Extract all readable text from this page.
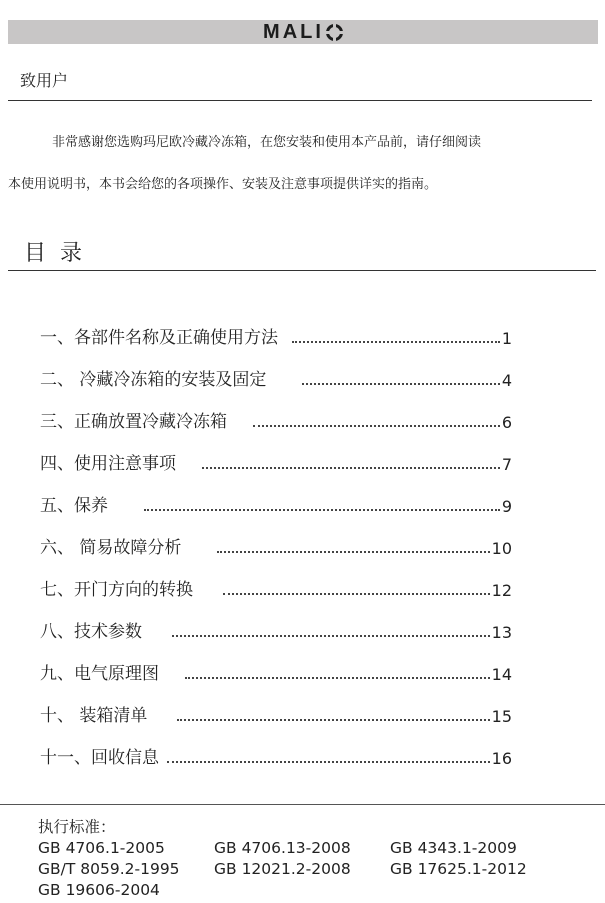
MALI
致用户
非常感谢您选购玛尼欧冷藏冷冻箱，在您安装和使用本产品前，请仔细阅读
本使用说明书，本书会给您的各项操作、安装及注意事项提供详实的指南。
目录
一、各部件名称及正确使用方法	1
二、 冷藏冷冻箱的安装及固定	4
三、正确放置冷藏冷冻箱	6
四、使用注意事项	7
五、保养	9
六、 简易故障分析	10
七、开门方向的转换	12
八、技术参数	13
九、电气原理图	14
十、 装箱清单	15
十一、回收信息	16
执行标准：
GB 4706.1-2005	GB 4706.13-2008	GB 4343.1-2009
GB/T 8059.2-1995	GB 12021.2-2008	GB 17625.1-2012
GB 19606-2004
